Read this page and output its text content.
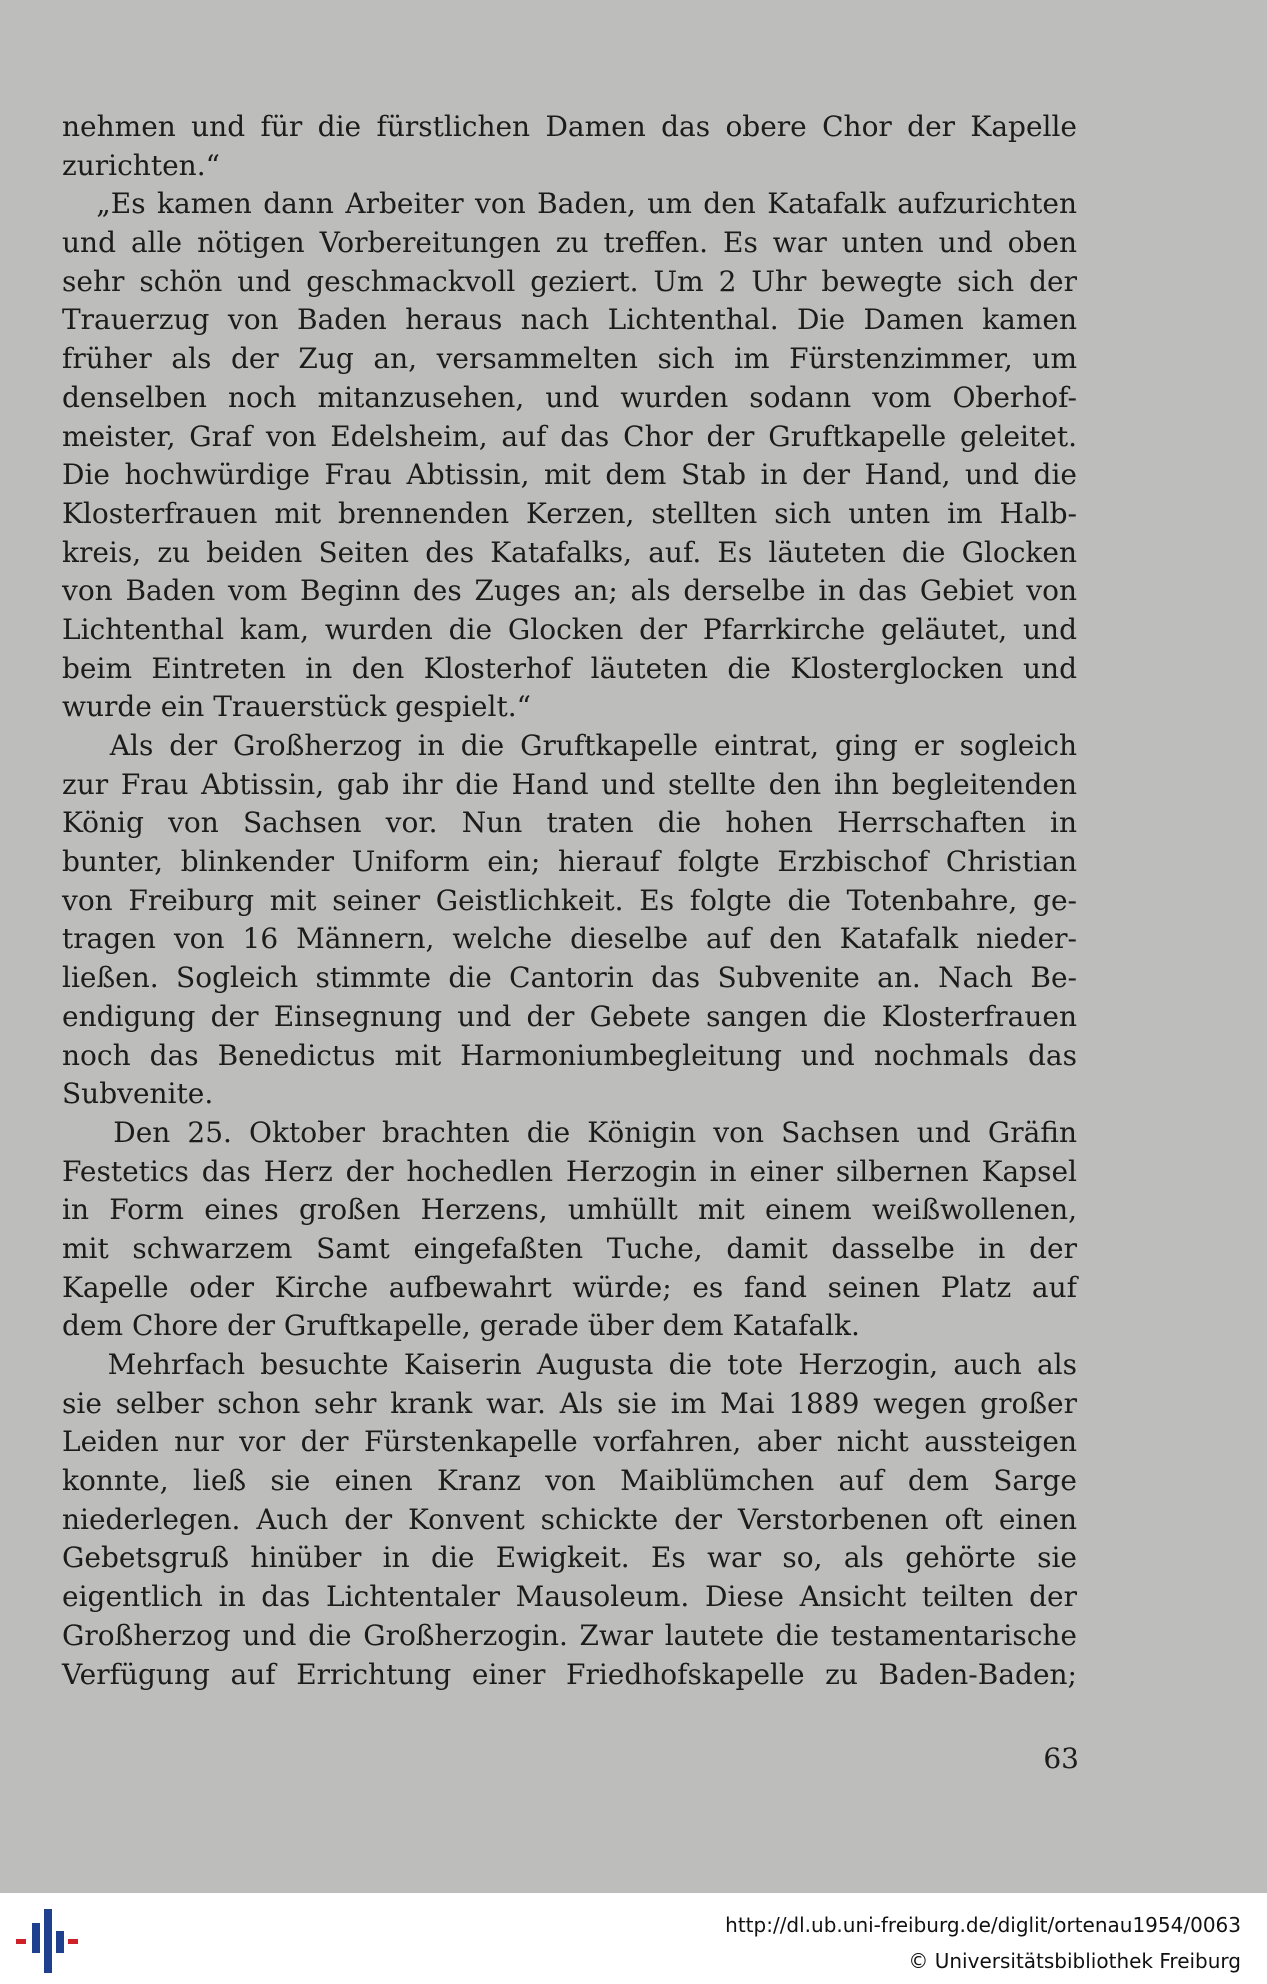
nehmen und für die fürstlichen Damen das obere Chor der Kapelle
zurichten.“
„Es kamen dann Arbeiter von Baden, um den Katafalk aufzurichten
und alle nötigen Vorbereitungen zu treffen. Es war unten und oben
sehr schön und geschmackvoll geziert. Um 2 Uhr bewegte sich der
Trauerzug von Baden heraus nach Lichtenthal. Die Damen kamen
früher als der Zug an, versammelten sich im Fürstenzimmer, um
denselben noch mitanzusehen, und wurden sodann vom Oberhof-
meister, Graf von Edelsheim, auf das Chor der Gruftkapelle geleitet.
Die hochwürdige Frau Abtissin, mit dem Stab in der Hand, und die
Klosterfrauen mit brennenden Kerzen, stellten sich unten im Halb-
kreis, zu beiden Seiten des Katafalks, auf. Es läuteten die Glocken
von Baden vom Beginn des Zuges an; als derselbe in das Gebiet von
Lichtenthal kam, wurden die Glocken der Pfarrkirche geläutet, und
beim Eintreten in den Klosterhof läuteten die Klosterglocken und
wurde ein Trauerstück gespielt.“
Als der Großherzog in die Gruftkapelle eintrat, ging er sogleich
zur Frau Abtissin, gab ihr die Hand und stellte den ihn begleitenden
König von Sachsen vor. Nun traten die hohen Herrschaften in
bunter, blinkender Uniform ein; hierauf folgte Erzbischof Christian
von Freiburg mit seiner Geistlichkeit. Es folgte die Totenbahre, ge-
tragen von 16 Männern, welche dieselbe auf den Katafalk nieder-
ließen. Sogleich stimmte die Cantorin das Subvenite an. Nach Be-
endigung der Einsegnung und der Gebete sangen die Klosterfrauen
noch das Benedictus mit Harmoniumbegleitung und nochmals das
Subvenite.
Den 25. Oktober brachten die Königin von Sachsen und Gräfin
Festetics das Herz der hochedlen Herzogin in einer silbernen Kapsel
in Form eines großen Herzens, umhüllt mit einem weißwollenen,
mit schwarzem Samt eingefaßten Tuche, damit dasselbe in der
Kapelle oder Kirche aufbewahrt würde; es fand seinen Platz auf
dem Chore der Gruftkapelle, gerade über dem Katafalk.
Mehrfach besuchte Kaiserin Augusta die tote Herzogin, auch als
sie selber schon sehr krank war. Als sie im Mai 1889 wegen großer
Leiden nur vor der Fürstenkapelle vorfahren, aber nicht aussteigen
konnte, ließ sie einen Kranz von Maiblümchen auf dem Sarge
niederlegen. Auch der Konvent schickte der Verstorbenen oft einen
Gebetsgruß hinüber in die Ewigkeit. Es war so, als gehörte sie
eigentlich in das Lichtentaler Mausoleum. Diese Ansicht teilten der
Großherzog und die Großherzogin. Zwar lautete die testamentarische
Verfügung auf Errichtung einer Friedhofskapelle zu Baden-Baden;
63
http://dl.ub.uni-freiburg.de/diglit/ortenau1954/0063
© Universitätsbibliothek Freiburg
